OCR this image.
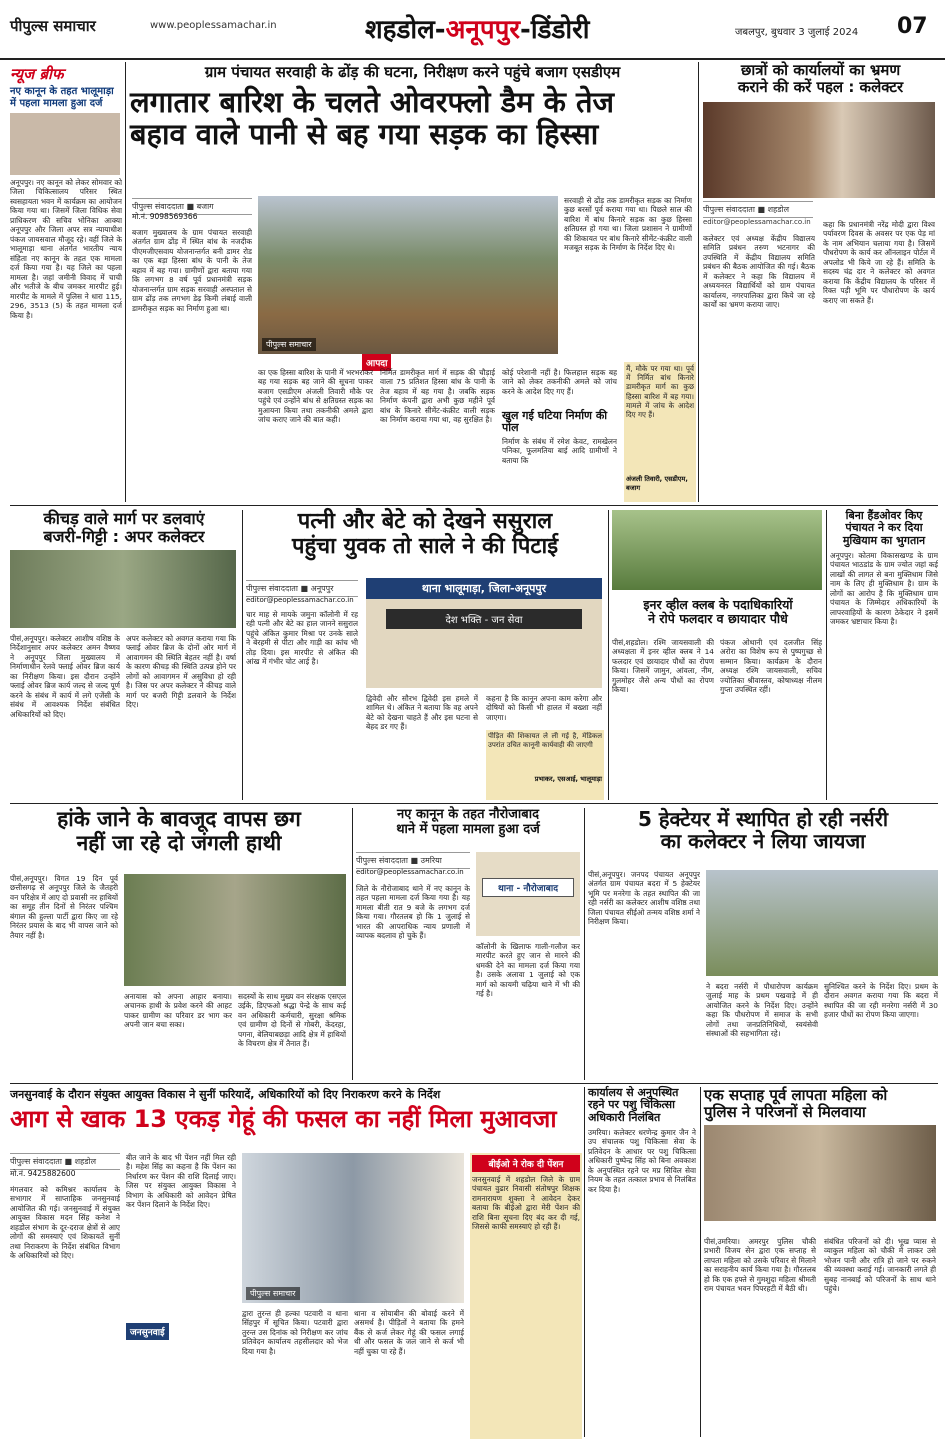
पीपुल्स समाचार	www.peoplessamachar.in	शहडोल-अनूपपुर-डिंडोरी	जबलपुर, बुधवार 3 जुलाई 2024 07
न्यूज ब्रीफ
नए कानून के तहत भालूमाड़ा में पहला मामला हुआ दर्ज
अनूपपुर। नए कानून को लेकर सोमवार को जिला चिकित्सालय परिसर स्थित स्वसहायता भवन में कार्यक्रम का आयोजन किया गया था। जिसमें जिला विधिक सेवा प्राधिकरण की सचिव भोनिका आक्या अनूपपुर और जिला अपर सत्र न्यायाधीश पंकज जायसवाल मौजूद रहे। वहीं जिले के भालूमाड़ा थाना अंतर्गत भारतीय न्याय संहिता नए कानून के तहत एक मामला दर्ज किया गया है। यह जिले का पहला मामला है। जहां जमीनी विवाद में चाची और भतीजे के बीच जमकर मारपीट हुई। मारपीट के मामले में पुलिस ने धारा 115, 296, 3513 (5) के तहत मामला दर्ज किया है।
ग्राम पंचायत सरवाही के ढोंड़ की घटना, निरीक्षण करने पहुंचे बजाग एसडीएम
लगातार बारिश के चलते ओवरफ्लो डैम के तेज
बहाव वाले पानी से बह गया सड़क का हिस्सा
पीपुल्स संवाददाता ■ बजाग
मो.नं. 9098569366
पीपुल्स समाचार
आपदा
बजाग मुख्यालय के ग्राम पंचायत सरवाही अंतर्गत ग्राम ढोंड़ में स्थित बांध के नजदीक पीएमजीएसवाय योजनान्तर्गत बनी डामर रोड का एक बड़ा हिस्सा बांध के पानी के तेज बहाव में बह गया। ग्रामीणों द्वारा बताया गया कि लगभग 8 वर्ष पूर्व प्रधानमंत्री सड़क योजनान्तर्गत ग्राम सड़क सरवाही अस्पताल से ग्राम ढोंड़ तक लगभग डेढ़ किमी लंबाई वाली डामरीकृत सड़क का निर्माण हुआ था।
का एक हिस्सा बारिश के पानी में भरभराकर बह गया सड़क बह जाने की सूचना पाकर बजाग एसडीएम अंजली तिवारी मौके पर पहुंचे एवं उन्होंने बांध से क्षतिग्रस्त सड़क का मुआयना किया तथा तकनीकी अमले द्वारा जांच कराए जाने की बात कही।
निर्मित डामरीकृत मार्ग में सड़क की चौड़ाई वाला 75 प्रतिशत हिस्सा बांध के पानी के तेज बहाव में बह गया है। जबकि सड़क निर्माण कंपनी द्वारा अभी कुछ महीने पूर्व बांध के किनारे सीमेंट-कंक्रीट वाली सड़क का निर्माण कराया गया था, वह सुरक्षित है।
कोई परेशानी नहीं है। फिलहाल सड़क बह जाने को लेकर तकनीकी अमले को जांच करने के आदेश दिए गए हैं।
खुल गई घटिया निर्माण की पोल
निर्माण के संबंध में रमेश केवट, रामखेलन पनिका, फूलमतिया बाई आदि ग्रामीणों ने बताया कि
सरवाही से ढोंड़ तक डामरीकृत सड़क का निर्माण कुछ बरसों पूर्व कराया गया था। पिछले साल की बारिश में बांध किनारे सड़क का कुछ हिस्सा क्षतिग्रस्त हो गया था। जिला प्रशासन ने ग्रामीणों की शिकायत पर बांध किनारे सीमेंट-कंक्रीट वाली मजबूत सड़क के निर्माण के निर्देश दिए थे।
मैं, मौके पर गया था। पूर्व में निर्मित बांध किनारे डामरीकृत मार्ग का कुछ हिस्सा बारिश में बह गया। मामले में जांच के आदेश दिए गए हैं।
अंजली तिवारी, एसडीएम, बजाग
छात्रों को कार्यालयों का भ्रमण
कराने की करें पहल : कलेक्टर
पीपुल्स संवाददाता ■ शहडोल
editor@peoplessamachar.co.in
कलेक्टर एवं अध्यक्ष केंद्रीय विद्यालय समिति प्रबंधन तरुण भटनागर की उपस्थिति में केंद्रीय विद्यालय समिति प्रबंधन की बैठक आयोजित की गई। बैठक में कलेक्टर ने कहा कि विद्यालय में अध्ययनरत विद्यार्थियों को ग्राम पंचायत कार्यालय, नगरपालिका द्वारा किये जा रहे कार्यों का भ्रमण कराया जाए।
कहा कि प्रधानमंत्री नरेंद्र मोदी द्वारा विश्व पर्यावरण दिवस के अवसर पर एक पेड़ मां के नाम अभियान चलाया गया है। जिसमें पौधरोपण के कार्य कर ऑनलाइन पोर्टल में अपलोड भी किये जा रहे हैं। समिति के सदस्य चंद्र दार ने कलेक्टर को अवगत कराया कि केंद्रीय विद्यालय के परिसर में रिक्त पड़ी भूमि पर पौधारोपण के कार्य कराए जा सकते हैं।
कीचड़ वाले मार्ग पर डलवाएं
बजरी-गिट्टी : अपर कलेक्टर
पीसं,अनूपपुर। कलेक्टर आशीष वशिष्ठ के निर्देशानुसार अपर कलेक्टर अमन वैष्णव ने अनूपपुर जिला मुख्यालय में निर्माणाधीन रेलवे फ्लाई ओवर ब्रिज कार्य का निरीक्षण किया। इस दौरान उन्होंने फ्लाई ओवर ब्रिज कार्य जल्द से जल्द पूर्ण करने के संबंध में कार्य में लगे एजेंसी के संबंध में आवश्यक निर्देश संबंधित अधिकारियों को दिए।
अपर कलेक्टर को अवगत कराया गया कि फ्लाई ओवर ब्रिज के दोनों ओर मार्ग में आवागमन की स्थिति बेहतर नहीं है। वर्षा के कारण कीचड़ की स्थिति उत्पन्न होने पर लोगों को आवागमन में असुविधा हो रही है। जिस पर अपर कलेक्टर ने कीचड़ वाले मार्ग पर बजरी गिट्टी डलवाने के निर्देश दिए।
पत्नी और बेटे को देखने ससुराल
पहुंचा युवक तो साले ने की पिटाई
पीपुल्स संवाददाता ■ अनूपपुर
editor@peoplessamachar.co.in
चार माह से मायके जमुना कॉलोनी में रह रही पत्नी और बेटे का हाल जानने ससुराल पहुंचे अंकित कुमार मिश्रा पर उनके साले ने बेरहमी से पीटा और गाड़ी का कांच भी तोड़ दिया। इस मारपीट से अंकित की आंख में गंभीर चोट आई है।
थाना भालूमाड़ा, जिला-अनूपपुर
देश भक्ति - जन सेवा
द्विवेदी और सौरभ द्विवेदी इस हमले में शामिल थे। अंकित ने बताया कि वह अपने बेटे को देखना चाहते हैं और इस घटना से बेहद डर गए हैं।
कहना है कि कानून अपना काम करेगा और दोषियों को किसी भी हालत में बख्शा नहीं जाएगा।
पीड़ित की शिकायत ले ली गई है, मेडिकल उपरांत उचित कानूनी कार्यवाही की जाएगी
प्रभाकर, एसआई, भालूमाड़ा
इनर व्हील क्लब के पदाधिकारियों
ने रोपे फलदार व छायादार पौधे
पीसं,शहडोल। रश्मि जायसवाली की अध्यक्षता में इनर व्हील क्लब ने 14 फलदार एवं छायादार पौधों का रोपण किया। जिसमें जामुन, आंवला, नीम, गुलमोहर जैसे अन्य पौधों का रोपण किया।
पंकज ओथानी एवं दलजीत सिंह अरोरा का विशेष रूप से पुष्पगुच्छ से सम्मान किया। कार्यक्रम के दौरान अध्यक्ष रश्मि जायसवाली, सचिव ज्योतिका श्रीवास्तव, कोषाध्यक्ष नीलम गुप्ता उपस्थित रहीं।
बिना हैंडओवर किए
पंचायत ने कर दिया
मुखियाम का भुगतान
अनूपपुर। कोतमा विकासखण्ड के ग्राम पंचायत भाठडांड के ग्राम ज्योत जहां कई लाखों की लागत से बना मुक्तिधाम जिसे नाम के लिए ही मुक्तिधाम है। ग्राम के लोगों का आरोप है कि मुक्तिधाम ग्राम पंचायत के जिम्मेदार अधिकारियों के लापरवाहियों के कारण ठेकेदार ने इसमें जमकर भ्रष्टाचार किया है।
हांके जाने के बावजूद वापस छग
नहीं जा रहे दो जंगली हाथी
पीसं,अनूपपुर। विगत 19 दिन पूर्व छत्तीसगढ़ से अनूपपुर जिले के जैतहरी वन परिक्षेत्र में आए दो प्रवासी नर हाथियों का समूह तीन दिनों से निरंतर पश्चिम बंगाल की हुल्ला पार्टी द्वारा किए जा रहे निरंतर प्रयास के बाद भी वापस जाने को तैयार नहीं है।
अनायास को अपना आहार बनाया। अचानक हाथी के प्रवेश करने की आहट पाकर ग्रामीण का परिवार डर भाग कर अपनी जान बचा सका।
सदस्यों के साथ मुख्य वन संरक्षक एसएल उईके, डिएफओ श्रद्धा पेन्द्रे के साथ कई वन अधिकारी कर्मचारी, सुरक्षा श्रमिक एवं ग्रामीण दो दिनों से गोबरी, केंदरहा, पगना, बेलियाबछड़ा आदि क्षेत्र में हाथियों के विचरण क्षेत्र में तैनात हैं।
नए कानून के तहत नौरोजाबाद
थाने में पहला मामला हुआ दर्ज
पीपुल्स संवाददाता ■ उमरिया
editor@peoplessamachar.co.in
थाना - नौरोजाबाद
जिले के नौरोजाबाद थाने में नए कानून के तहत पहला मामला दर्ज किया गया है। यह मामला बीती रात 9 बजे के लगभग दर्ज किया गया। गौरतलब हो कि 1 जुलाई से भारत की आपराधिक न्याय प्रणाली में व्यापक बदलाव हो चुके हैं।
कॉलोनी के खिलाफ गाली-गलौज कर मारपीट करते हुए जान से मारने की धमकी देने का मामला दर्ज किया गया है। उसके अलावा 1 जुलाई को एक मार्ग को कायमी चढ़िया थाने में भी की गई है।
5 हेक्टेयर में स्थापित हो रही नर्सरी
का कलेक्टर ने लिया जायजा
पीसं,अनूपपुर। जनपद पंचायत अनूपपुर अंतर्गत ग्राम पंचायत बदरा में 5 हेक्टेयर भूमि पर मनरेगा के तहत स्थापित की जा रही नर्सरी का कलेक्टर आशीष वशिष्ठ तथा जिला पंचायत सीईओ तन्मय वशिष्ठ शर्मा ने निरीक्षण किया।
ने बदरा नर्सरी में पौधारोपण कार्यक्रम जुलाई माह के प्रथम पखवाड़े में ही आयोजित करने के निर्देश दिए। उन्होंने कहा कि पौधरोपण में समाज के सभी लोगों तथा जनप्रतिनिधियों, स्वयंसेवी संस्थाओं की सहभागिता रहे।
सुनिश्चित करने के निर्देश दिए। प्रथम के दौरान अवगत कराया गया कि बदरा में स्थापित की जा रही मनरेगा नर्सरी में 30 हजार पौधों का रोपण किया जाएगा।
जनसुनवाई के दौरान संयुक्त आयुक्त विकास ने सुनीं फरियादें, अधिकारियों को दिए निराकरण करने के निर्देश
आग से खाक 13 एकड़ गेहूं की फसल का नहीं मिला मुआवजा
पीपुल्स संवाददाता ■ शहडोल
मो.नं. 9425882600
मंगलवार को कमिश्नर कार्यालय के सभागार में साप्ताहिक जनसुनवाई आयोजित की गई। जनसुनवाई में संयुक्त आयुक्त विकास मदन सिंह कनेश ने शहडोल संभाग के दूर-दराज क्षेत्रों से आए लोगों की समस्याएं एवं शिकायतें सुनीं तथा निराकरण के निर्देश संबंधित विभाग के अधिकारियों को दिए।
बीत जाने के बाद भी पेंशन नहीं मिल रही है। महेश सिंह का कहना है कि पेंशन का निर्धारण कर पेंशन की राशि दिलाई जाए। जिस पर संयुक्त आयुक्त विकास ने विभाग के अधिकारी को आवेदन प्रेषित कर पेंशन दिलाने के निर्देश दिए।
पीपुल्स समाचार
जनसुनवाई
द्वारा तुरन्त ही हल्का पटवारी व थाना सिंहपुर में सूचित किया। पटवारी द्वारा तुरन्त उस दिनांक को निरीक्षण कर जांच प्रतिवेदन कार्यालय तहसीलदार को भेज दिया गया है।
थाना व सोयाबीन की बोवाई करने में असमर्थ है। पीड़ितों ने बताया कि हमने बैंक से कर्ज लेकर गेहूं की फसल लगाई थी और फसल के जल जाने से कर्ज भी नहीं चुका पा रहे हैं।
बीईओ ने रोक दी पेंशन
जनसुनवाई में शहडोल जिले के ग्राम पंचायत वुढार निवासी संतोषपुर शिक्षक रामनारायण शुक्ला ने आवेदन देकर बताया कि बीईओ द्वारा मेरी पेंशन की राशि बिना सूचना दिए बंद कर दी गई, जिससे काफी समस्याएं हो रही हैं।
कार्यालय से अनुपस्थित
रहने पर पशु चिकित्सा
अधिकारी निलंबित
उमरिया। कलेक्टर धरणेन्द्र कुमार जैन ने उप संचालक पशु चिकित्सा सेवा के प्रतिवेदन के आधार पर पशु चिकित्सा अधिकारी पुष्पेन्द्र सिंह को बिना अवकाश के अनुपस्थित रहने पर मप्र सिविल सेवा नियम के तहत तत्काल प्रभाव से निलंबित कर दिया है।
एक सप्ताह पूर्व लापता महिला को
पुलिस ने परिजनों से मिलवाया
पीसं,उमरिया। अमरपुर पुलिस चौकी प्रभारी विजय सेन द्वारा एक सप्ताह से लापता महिला को उसके परिवार से मिलाने का सराहनीय कार्य किया गया है। गौरतलब हो कि एक हफ्ते से गुमशुदा महिला श्रीमती राम पंचायत भवन पिपरहटी में बैठी थी।
संबंधित परिजनों को दी। भूख प्यास से व्याकुल महिला को चौकी में लाकर उसे भोजन पानी और रात्रि हो जाने पर रुकने की व्यवस्था कराई गई। जानकारी लगते ही सुबह नानबाई को परिजनों के साथ थाने पहुंचे।
